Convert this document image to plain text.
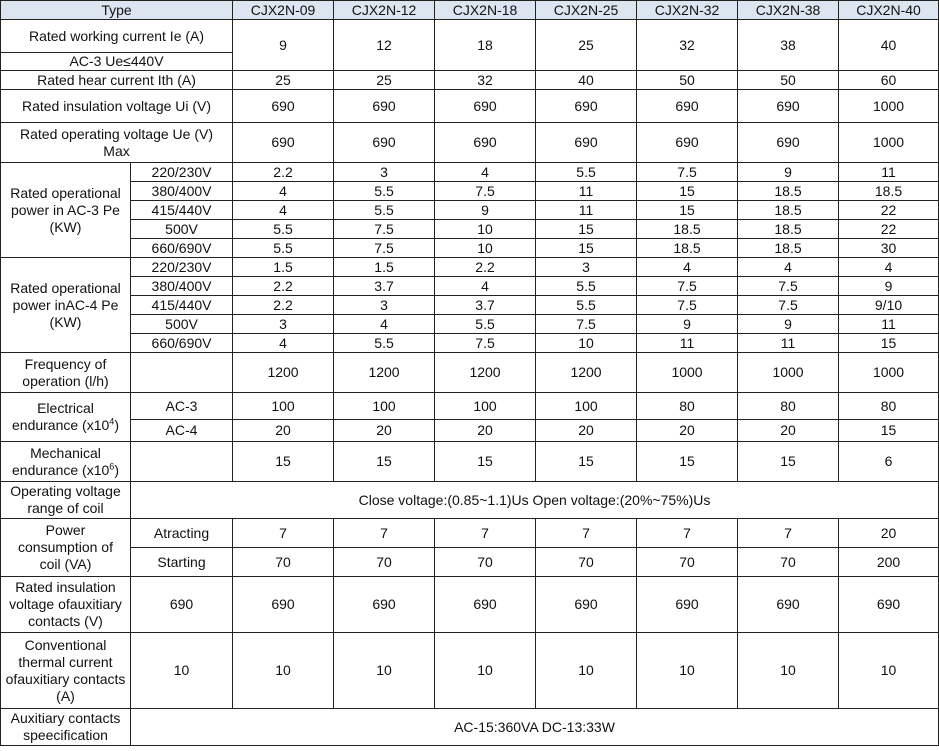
Type		CJX2N-09	CJX2N-12	CJX2N-18	CJX2N-25	CJX2N-32	CJX2N-38	CJX2N-40
Rated working current Ie (A)		9	12	18	25	32	38	40
AC-3 Ue≤440V								
Rated hear current Ith (A)		25	25	32	40	50	50	60
Rated insulation voltage Ui (V)		690	690	690	690	690	690	1000
Rated operating voltage Ue (V)
Max		690	690	690	690	690	690	1000
Rated operational
power in AC-3 Pe
(KW)	220/230V	2.2	3	4	5.5	7.5	9	11
	380/400V	4	5.5	7.5	11	15	18.5	18.5
	415/440V	4	5.5	9	11	15	18.5	22
	500V	5.5	7.5	10	15	18.5	18.5	22
	660/690V	5.5	7.5	10	15	18.5	18.5	30
Rated operational
power inAC-4 Pe
(KW)	220/230V	1.5	1.5	2.2	3	4	4	4
	380/400V	2.2	3.7	4	5.5	7.5	7.5	9
	415/440V	2.2	3	3.7	5.5	7.5	7.5	9/10
	500V	3	4	5.5	7.5	9	9	11
	660/690V	4	5.5	7.5	10	11	11	15
Frequency of
operation (l/h)		1200	1200	1200	1200	1000	1000	1000
Electrical
endurance $(x10^4)$	AC-3	100	100	100	100	80	80	80
	AC-4	20	20	20	20	20	20	15
Mechanical
endurance $(x10^6)$		15	15	15	15	15	15	6
Operating voltage
range of coil	Close voltage:(0.85~1.1)Us Open voltage:(20%~75%)Us							
Power
consumption of
coil (VA)	Atracting	7	7	7	7	7	7	20
	Starting	70	70	70	70	70	70	200
Rated insulation
voltage ofauxitiary
contacts (V)	690	690	690	690	690	690	690	690
Conventional
thermal current
ofauxitiary contacts
(A)	10	10	10	10	10	10	10	10
Auxitiary contacts
speecification	AC-15:360VA DC-13:33W							
